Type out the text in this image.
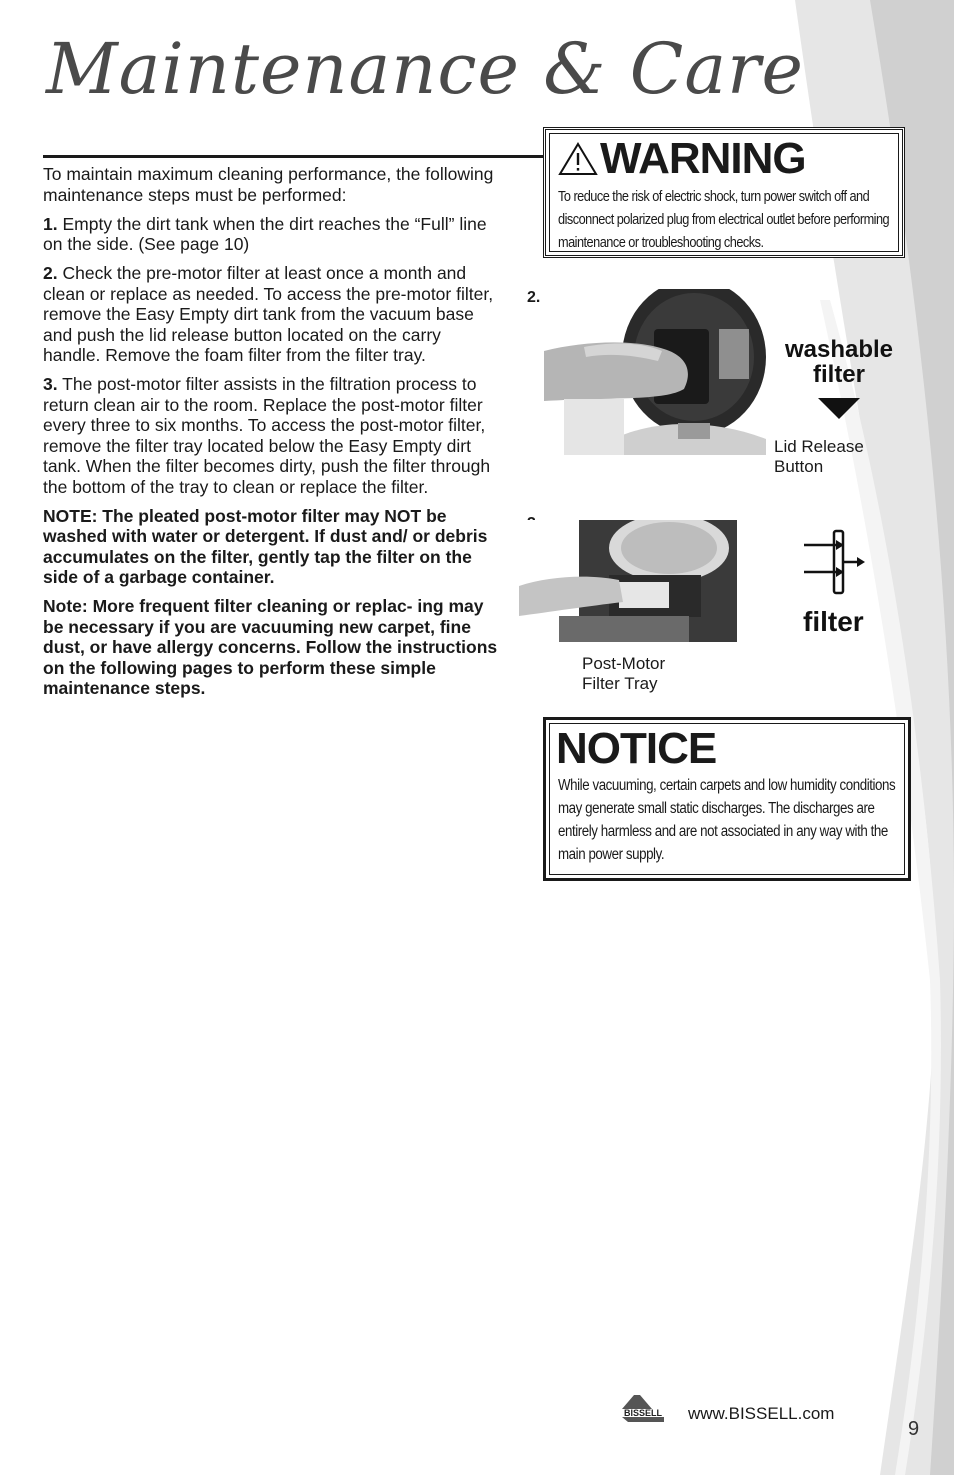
Maintenance & Care

To maintain maximum cleaning performance, the following maintenance steps must be performed:

1. Empty the dirt tank when the dirt reaches the “Full” line on the side. (See page 10)

2. Check the pre-motor filter at least once a month and clean or replace as needed. To access the pre-motor filter, remove the Easy Empty dirt tank from the vacuum base and push the lid release button located on the carry handle. Remove the foam filter from the filter tray.

3. The post-motor filter assists in the filtration process to return clean air to the room. Replace the post-motor filter every three to six months. To access the post-motor filter, remove the filter tray located below the Easy Empty dirt tank. When the filter becomes dirty, push the filter through the bottom of the tray to clean or replace the filter.

NOTE: The pleated post-motor filter may NOT be washed with water or detergent. If dust and/ or debris accumulates on the filter, gently tap the filter on the side of a garbage container.

Note: More frequent filter cleaning or replac- ing may be necessary if you are vacuuming new carpet, fine dust, or have allergy concerns. Follow the instructions on the following pages to perform these simple maintenance steps.

WARNING
To reduce the risk of electric shock, turn power switch off and disconnect polarized plug from electrical outlet before performing maintenance or troubleshooting checks.
2.
washable
filter
Lid Release
Button
filter
Post-Motor
Filter Tray
NOTICE
While vacuuming, certain carpets and low humidity conditions may generate small static discharges. The discharges are entirely harmless and are not associated in any way with the main power supply.
BISSELL www.BISSELL.com
9
